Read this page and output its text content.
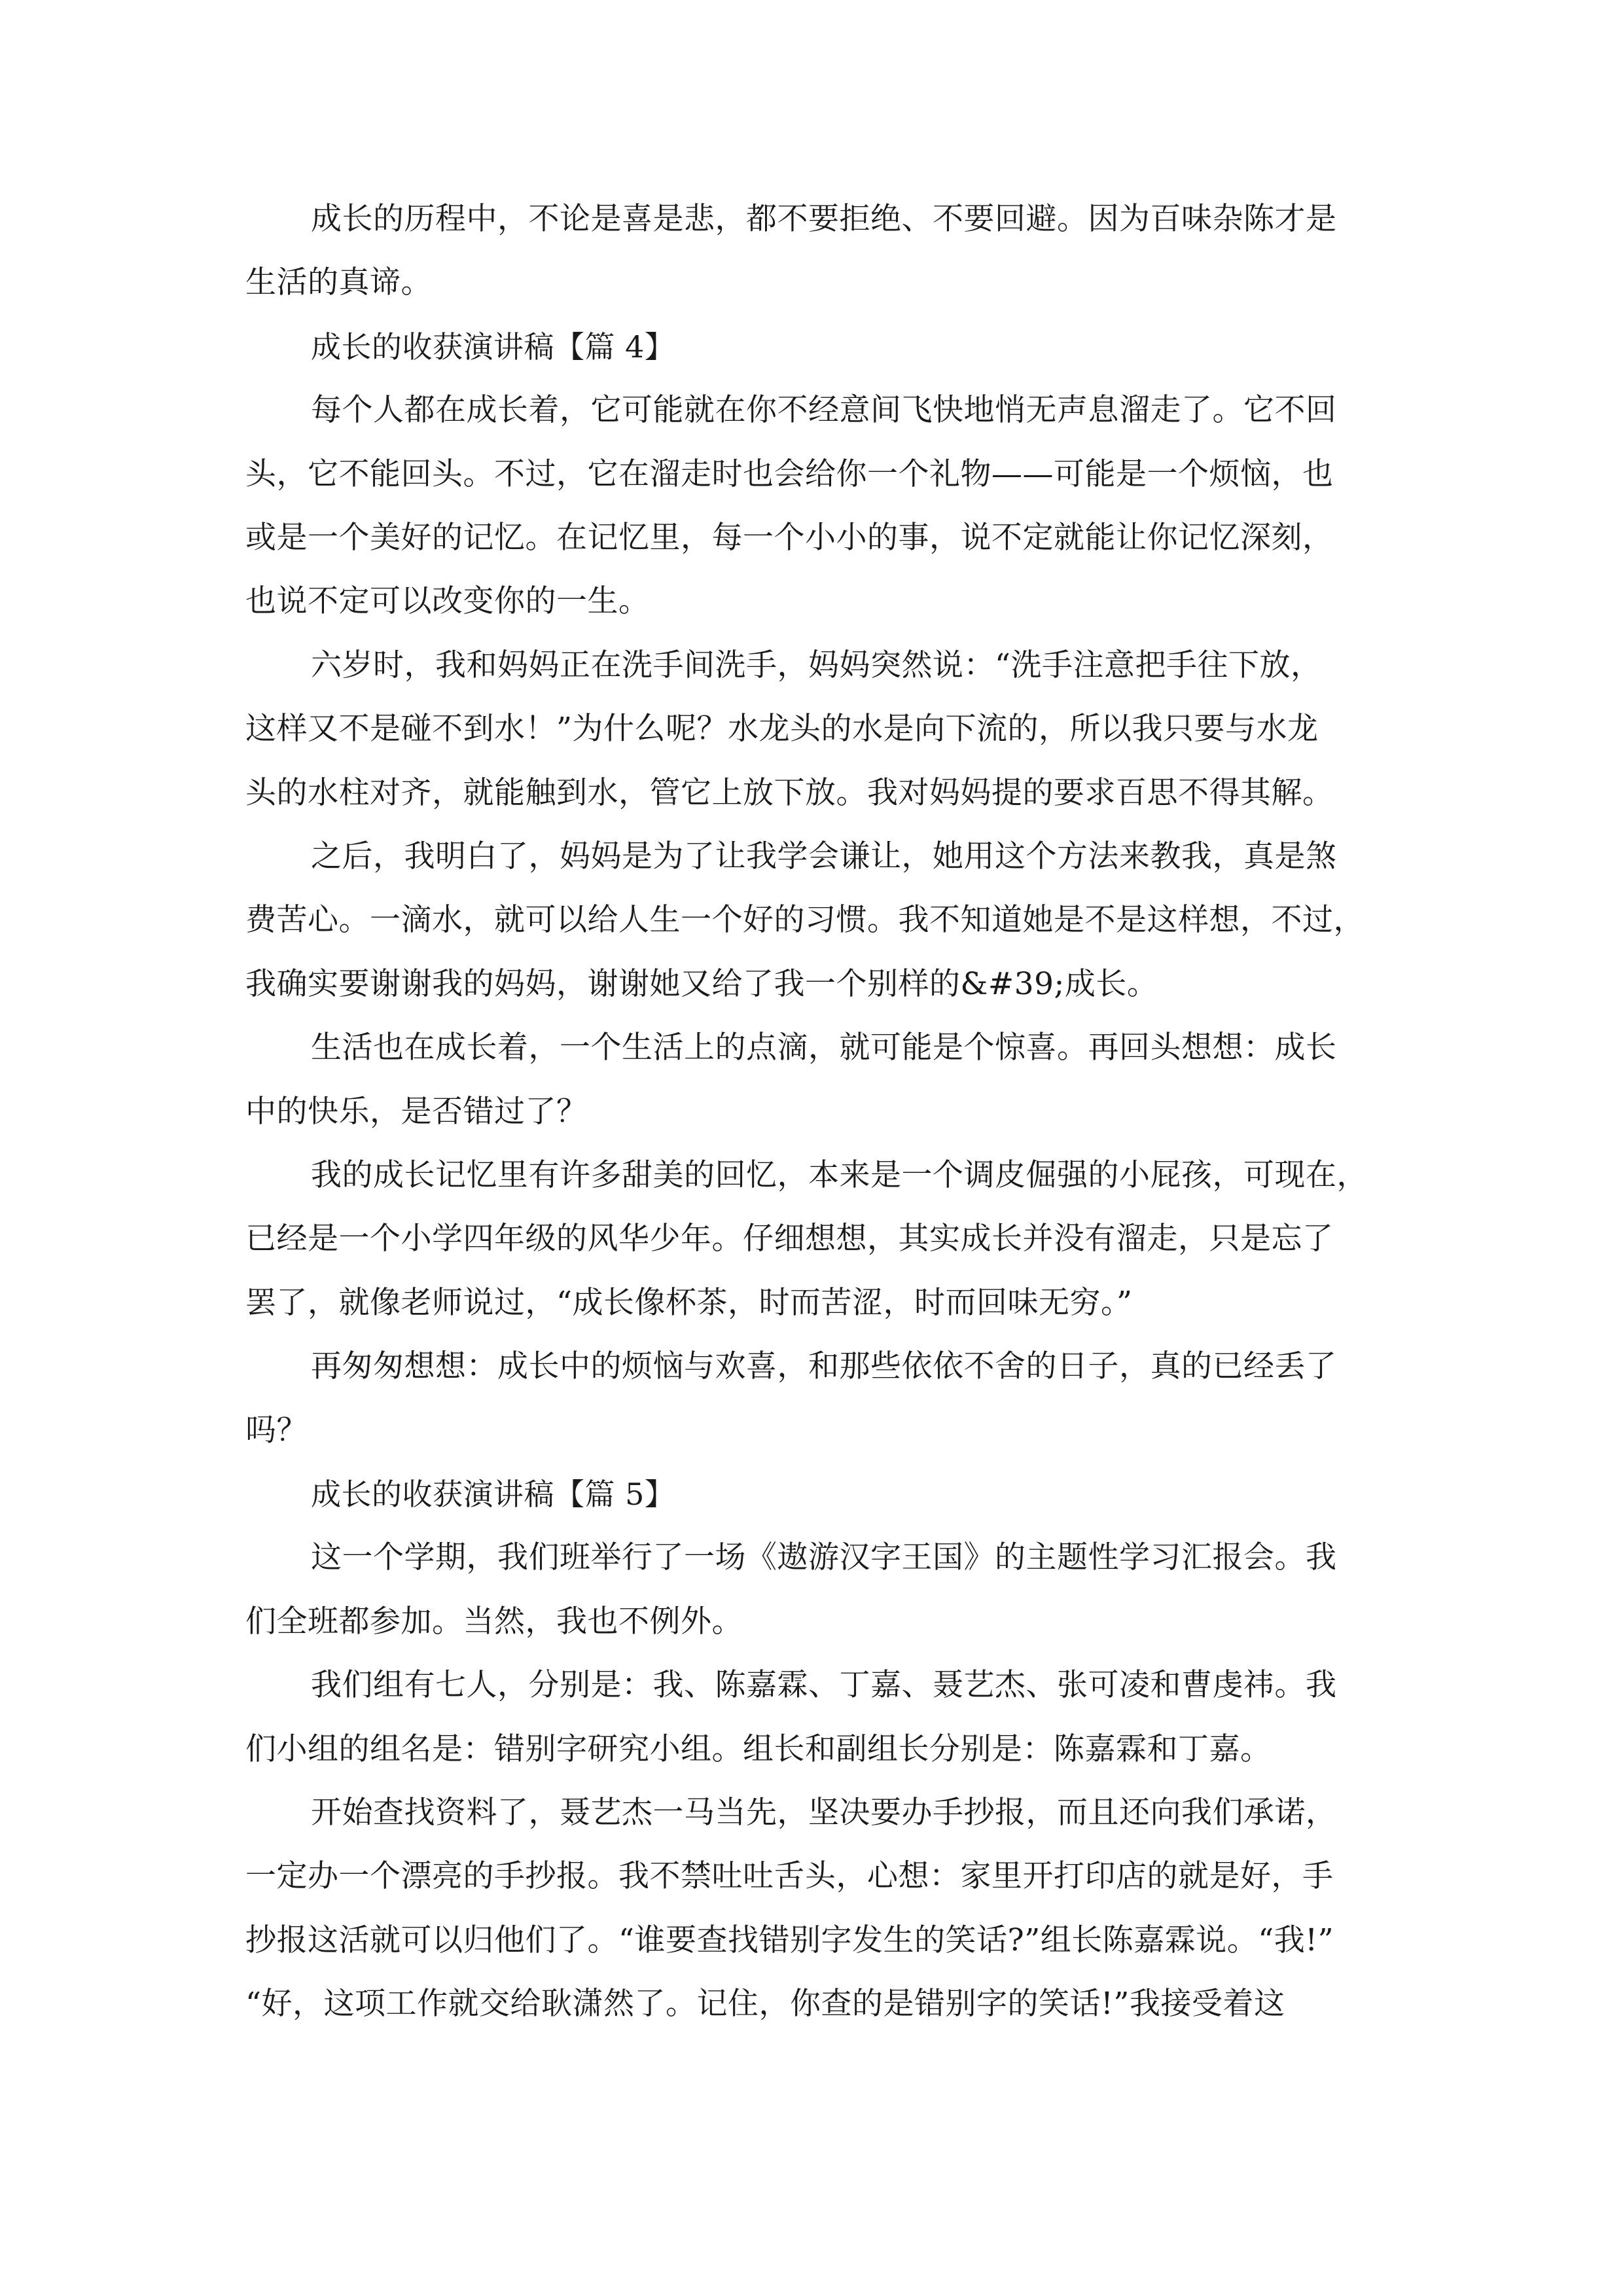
成长的历程中，不论是喜是悲，都不要拒绝、不要回避。因为百味杂陈才是
生活的真谛。
成长的收获演讲稿【篇 4】
每个人都在成长着，它可能就在你不经意间飞快地悄无声息溜走了。它不回
头，它不能回头。不过，它在溜走时也会给你一个礼物——可能是一个烦恼，也
或是一个美好的记忆。在记忆里，每一个小小的事，说不定就能让你记忆深刻，
也说不定可以改变你的一生。
六岁时，我和妈妈正在洗手间洗手，妈妈突然说：“洗手注意把手往下放，
这样又不是碰不到水！”为什么呢？水龙头的水是向下流的，所以我只要与水龙
头的水柱对齐，就能触到水，管它上放下放。我对妈妈提的要求百思不得其解。
之后，我明白了，妈妈是为了让我学会谦让，她用这个方法来教我，真是煞
费苦心。一滴水，就可以给人生一个好的习惯。我不知道她是不是这样想，不过，
我确实要谢谢我的妈妈，谢谢她又给了我一个别样的&#39;成长。
生活也在成长着，一个生活上的点滴，就可能是个惊喜。再回头想想：成长
中的快乐，是否错过了？
我的成长记忆里有许多甜美的回忆，本来是一个调皮倔强的小屁孩，可现在，
已经是一个小学四年级的风华少年。仔细想想，其实成长并没有溜走，只是忘了
罢了，就像老师说过，“成长像杯茶，时而苦涩，时而回味无穷。”
再匆匆想想：成长中的烦恼与欢喜，和那些依依不舍的日子，真的已经丢了
吗？
成长的收获演讲稿【篇 5】
这一个学期，我们班举行了一场《遨游汉字王国》的主题性学习汇报会。我
们全班都参加。当然，我也不例外。
我们组有七人，分别是：我、陈嘉霖、丁嘉、聂艺杰、张可凌和曹虔祎。我
们小组的组名是：错别字研究小组。组长和副组长分别是：陈嘉霖和丁嘉。
开始查找资料了，聂艺杰一马当先，坚决要办手抄报，而且还向我们承诺，
一定办一个漂亮的手抄报。我不禁吐吐舌头，心想：家里开打印店的就是好，手
抄报这活就可以归他们了。“谁要查找错别字发生的笑话?”组长陈嘉霖说。“我!”
“好，这项工作就交给耿潇然了。记住，你查的是错别字的笑话!”我接受着这
